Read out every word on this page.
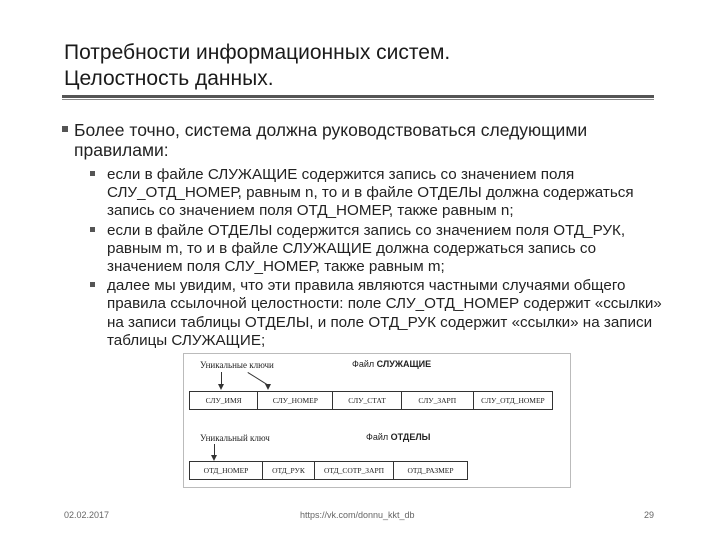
Потребности информационных систем.
Целостность данных.
Более точно, система должна руководствоваться следующими правилами:
если в файле СЛУЖАЩИЕ содержится запись со значением поля СЛУ_ОТД_НОМЕР, равным n, то и в файле ОТДЕЛЫ должна содержаться запись со значением поля ОТД_НОМЕР, также равным n;
если в файле ОТДЕЛЫ содержится запись со значением поля ОТД_РУК, равным m, то и в файле СЛУЖАЩИЕ должна содержаться запись со значением поля СЛУ_НОМЕР, также равным m;
далее мы увидим, что эти правила являются частными случаями общего правила ссылочной целостности: поле СЛУ_ОТД_НОМЕР содержит «ссылки» на записи таблицы ОТДЕЛЫ, и поле ОТД_РУК содержит «ссылки» на записи таблицы СЛУЖАЩИЕ;
Уникальные ключи	Файл СЛУЖАЩИЕ
СЛУ_ИМЯ	СЛУ_НОМЕР	СЛУ_СТАТ	СЛУ_ЗАРП	СЛУ_ОТД_НОМЕР
Уникальный ключ	Файл ОТДЕЛЫ
ОТД_НОМЕР	ОТД_РУК	ОТД_СОТР_ЗАРП	ОТД_РАЗМЕР
02.02.2017	https://vk.com/donnu_kkt_db	29
